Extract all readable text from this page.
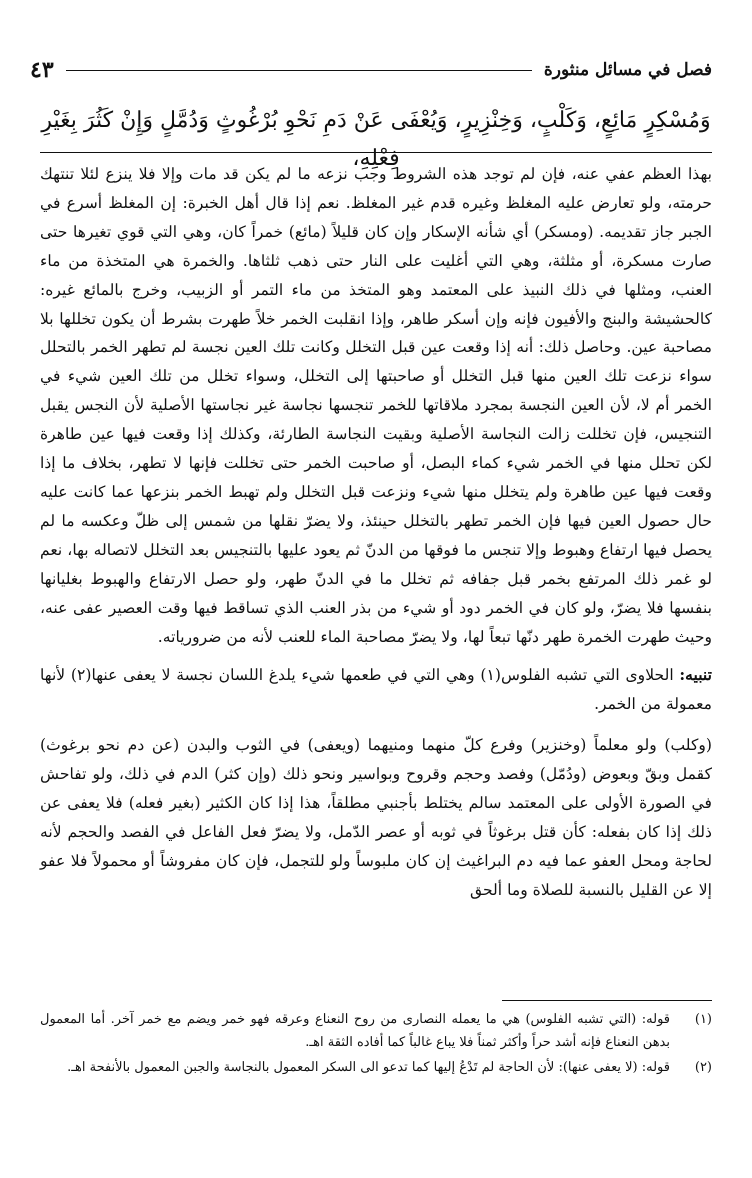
فصل في مسائل منثورة
٤٣
وَمُسْكِرٍ مَائِعٍ، وَكَلْبٍ، وَخِنْزِيرٍ، وَيُعْفَى عَنْ دَمِ نَحْوِ بُرْغُوثٍ وَدُمَّلٍ وَإِنْ كَثُرَ بِغَيْرِ فِعْلِهِ،

بهذا العظم عفي عنه، فإن لم توجد هذه الشروط وجب نزعه ما لم يكن قد مات وإلا فلا ينزع لئلا تنتهك حرمته، ولو تعارض عليه المغلظ وغيره قدم غير المغلظ. نعم إذا قال أهل الخبرة: إن المغلظ أسرع في الجبر جاز تقديمه. (ومسكر) أي شأنه الإسكار وإن كان قليلاً (مائع) خمراً كان، وهي التي قوي تغيرها حتى صارت مسكرة، أو مثلثة، وهي التي أغليت على النار حتى ذهب ثلثاها. والخمرة هي المتخذة من ماء العنب، ومثلها في ذلك النبيذ على المعتمد وهو المتخذ من ماء التمر أو الزبيب، وخرج بالمائع غيره: كالحشيشة والبنج والأفيون فإنه وإن أسكر طاهر، وإذا انقلبت الخمر خلاً طهرت بشرط أن يكون تخللها بلا مصاحبة عين. وحاصل ذلك: أنه إذا وقعت عين قبل التخلل وكانت تلك العين نجسة لم تطهر الخمر بالتحلل سواء نزعت تلك العين منها قبل التخلل أو صاحبتها إلى التخلل، وسواء تخلل من تلك العين شيء في الخمر أم لا، لأن العين النجسة بمجرد ملاقاتها للخمر تنجسها نجاسة غير نجاستها الأصلية لأن النجس يقبل التنجيس، فإن تخللت زالت النجاسة الأصلية وبقيت النجاسة الطارئة، وكذلك إذا وقعت فيها عين طاهرة لكن تحلل منها في الخمر شيء كماء البصل، أو صاحبت الخمر حتى تخللت فإنها لا تطهر، بخلاف ما إذا وقعت فيها عين طاهرة ولم يتخلل منها شيء ونزعت قبل التخلل ولم تهبط الخمر بنزعها عما كانت عليه حال حصول العين فيها فإن الخمر تطهر بالتخلل حينئذ، ولا يضرّ نقلها من شمس إلى ظلّ وعكسه ما لم يحصل فيها ارتفاع وهبوط وإلا تنجس ما فوقها من الدنّ ثم يعود عليها بالتنجيس بعد التخلل لاتصاله بها، نعم لو غمر ذلك المرتفع بخمر قبل جفافه ثم تخلل ما في الدنّ طهر، ولو حصل الارتفاع والهبوط بغليانها بنفسها فلا يضرّ، ولو كان في الخمر دود أو شيء من بذر العنب الذي تساقط فيها وقت العصير عفى عنه، وحيث طهرت الخمرة طهر دنّها تبعاً لها، ولا يضرّ مصاحبة الماء للعنب لأنه من ضرورياته.

تنبيه: الحلاوى التي تشبه الفلوس(١) وهي التي في طعمها شيء يلدغ اللسان نجسة لا يعفى عنها(٢) لأنها معمولة من الخمر.

(وكلب) ولو معلماً (وخنزير) وفرع كلّ منهما ومنيهما (ويعفى) في الثوب والبدن (عن دم نحو برغوث) كقمل وبقّ وبعوض (ودُمّل) وفصد وحجم وقروح وبواسير ونحو ذلك (وإن كثر) الدم في ذلك، ولو تفاحش في الصورة الأولى على المعتمد سالم يختلط بأجنبي مطلقاً، هذا إذا كان الكثير (بغير فعله) فلا يعفى عن ذلك إذا كان بفعله: كأن قتل برغوثاً في ثوبه أو عصر الدّمل، ولا يضرّ فعل الفاعل في الفصد والحجم لأنه لحاجة ومحل العفو عما فيه دم البراغيث إن كان ملبوساً ولو للتجمل، فإن كان مفروشاً أو محمولاً فلا عفو إلا عن القليل بالنسبة للصلاة وما ألحق

(١)
قوله: (التي تشبه الفلوس) هي ما يعمله النصارى من روح النعناع وعرقه فهو خمر ويضم مع خمر آخر. أما المعمول بدهن النعناع فإنه أشد حراً وأكثر ثمناً فلا يباع غالباً كما أفاده الثقة اهـ.
(٢)
قوله: (لا يعفى عنها): لأن الحاجة لم تَدْعُ إليها كما تدعو الى السكر المعمول بالنجاسة والجبن المعمول بالأنفحة اهـ.
